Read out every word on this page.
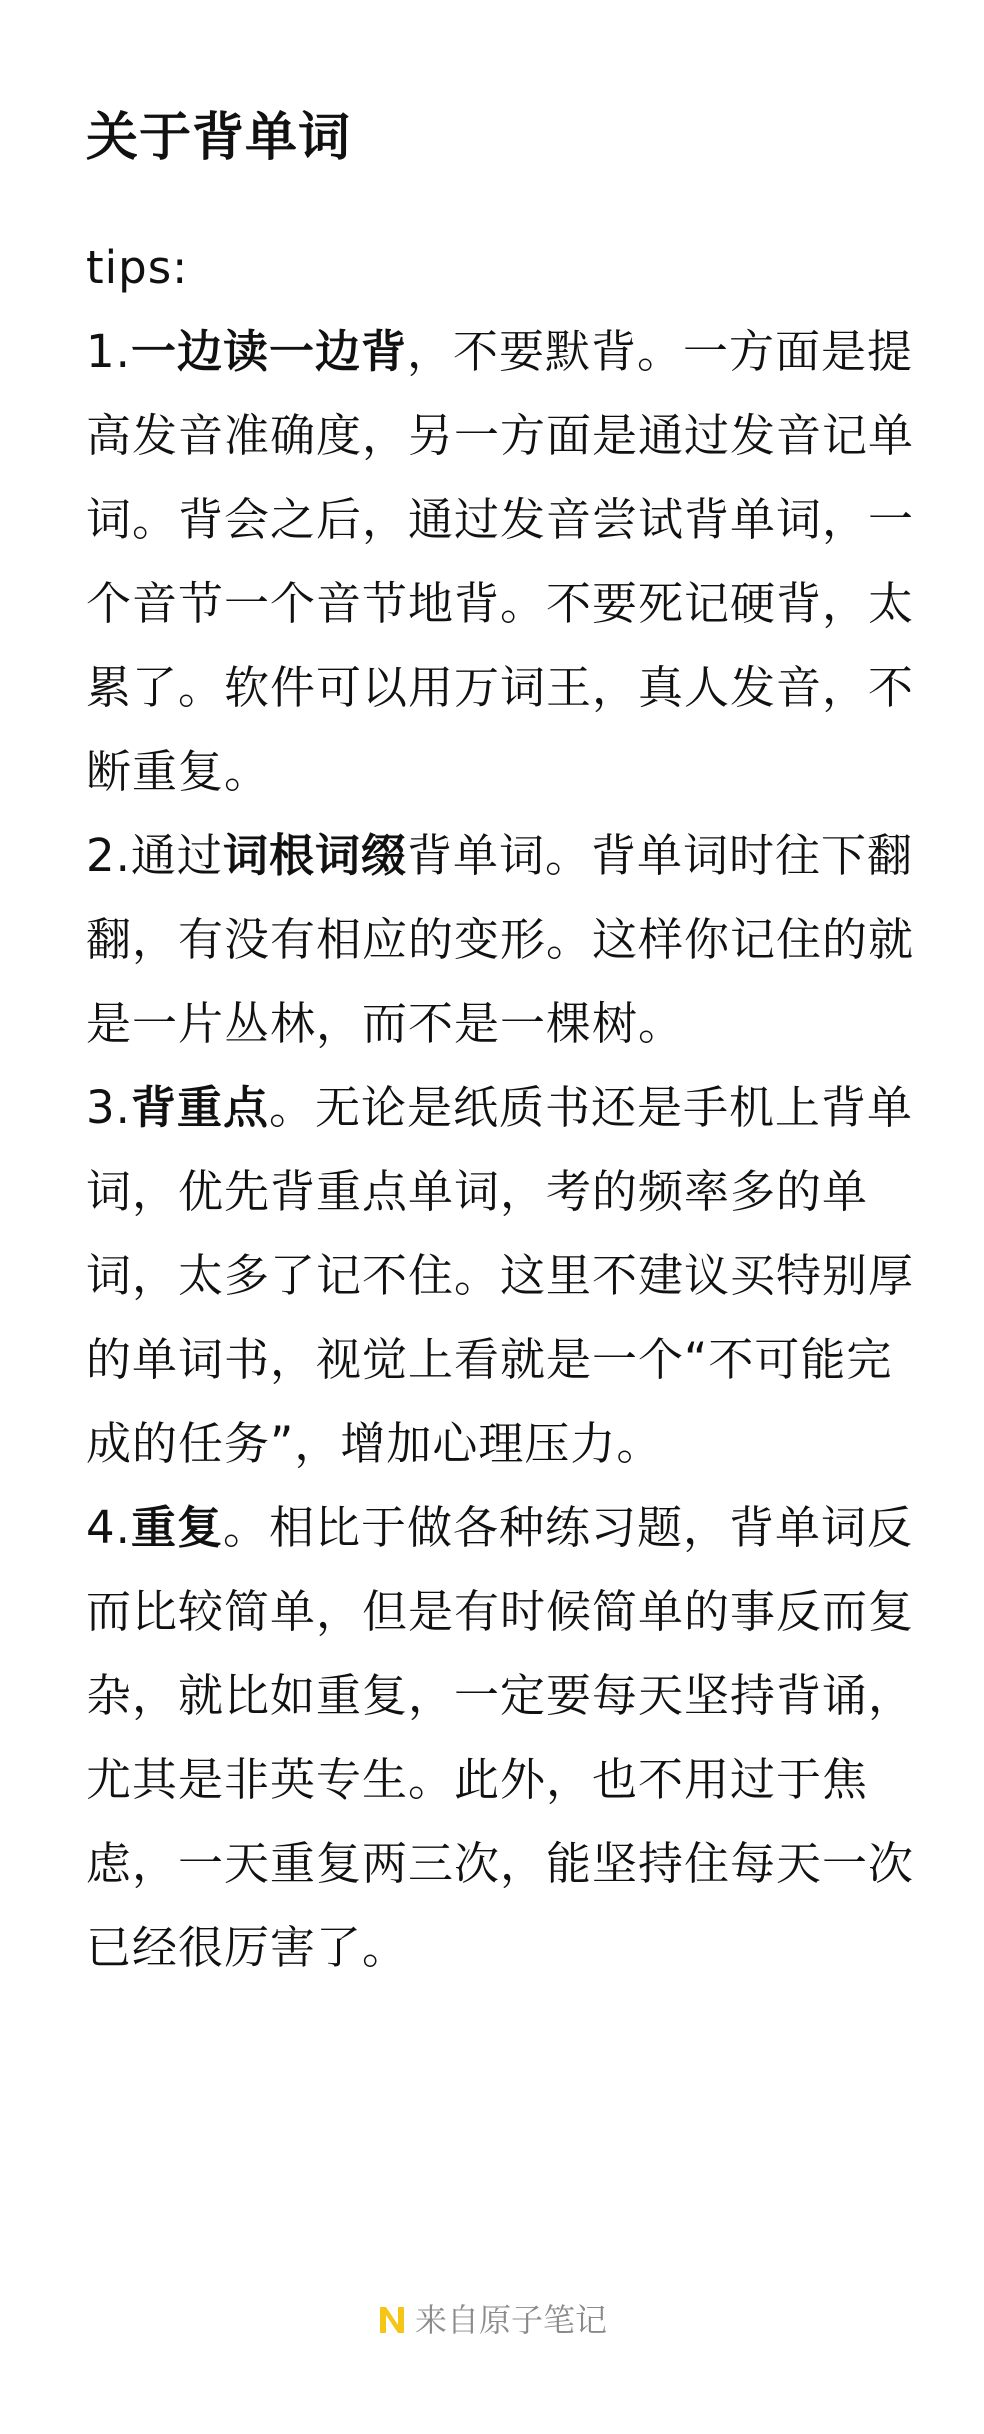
关于背单词
tips:
1.一边读一边背，不要默背。一方面是提高发音准确度，另一方面是通过发音记单词。背会之后，通过发音尝试背单词，一个音节一个音节地背。不要死记硬背，太累了。软件可以用万词王，真人发音，不断重复。
2.通过词根词缀背单词。背单词时往下翻翻，有没有相应的变形。这样你记住的就是一片丛林，而不是一棵树。
3.背重点。无论是纸质书还是手机上背单词，优先背重点单词，考的频率多的单词，太多了记不住。这里不建议买特别厚的单词书，视觉上看就是一个“不可能完成的任务”，增加心理压力。
4.重复。相比于做各种练习题，背单词反而比较简单，但是有时候简单的事反而复杂，就比如重复，一定要每天坚持背诵，尤其是非英专生。此外，也不用过于焦虑，一天重复两三次，能坚持住每天一次已经很厉害了。
来自原子笔记
